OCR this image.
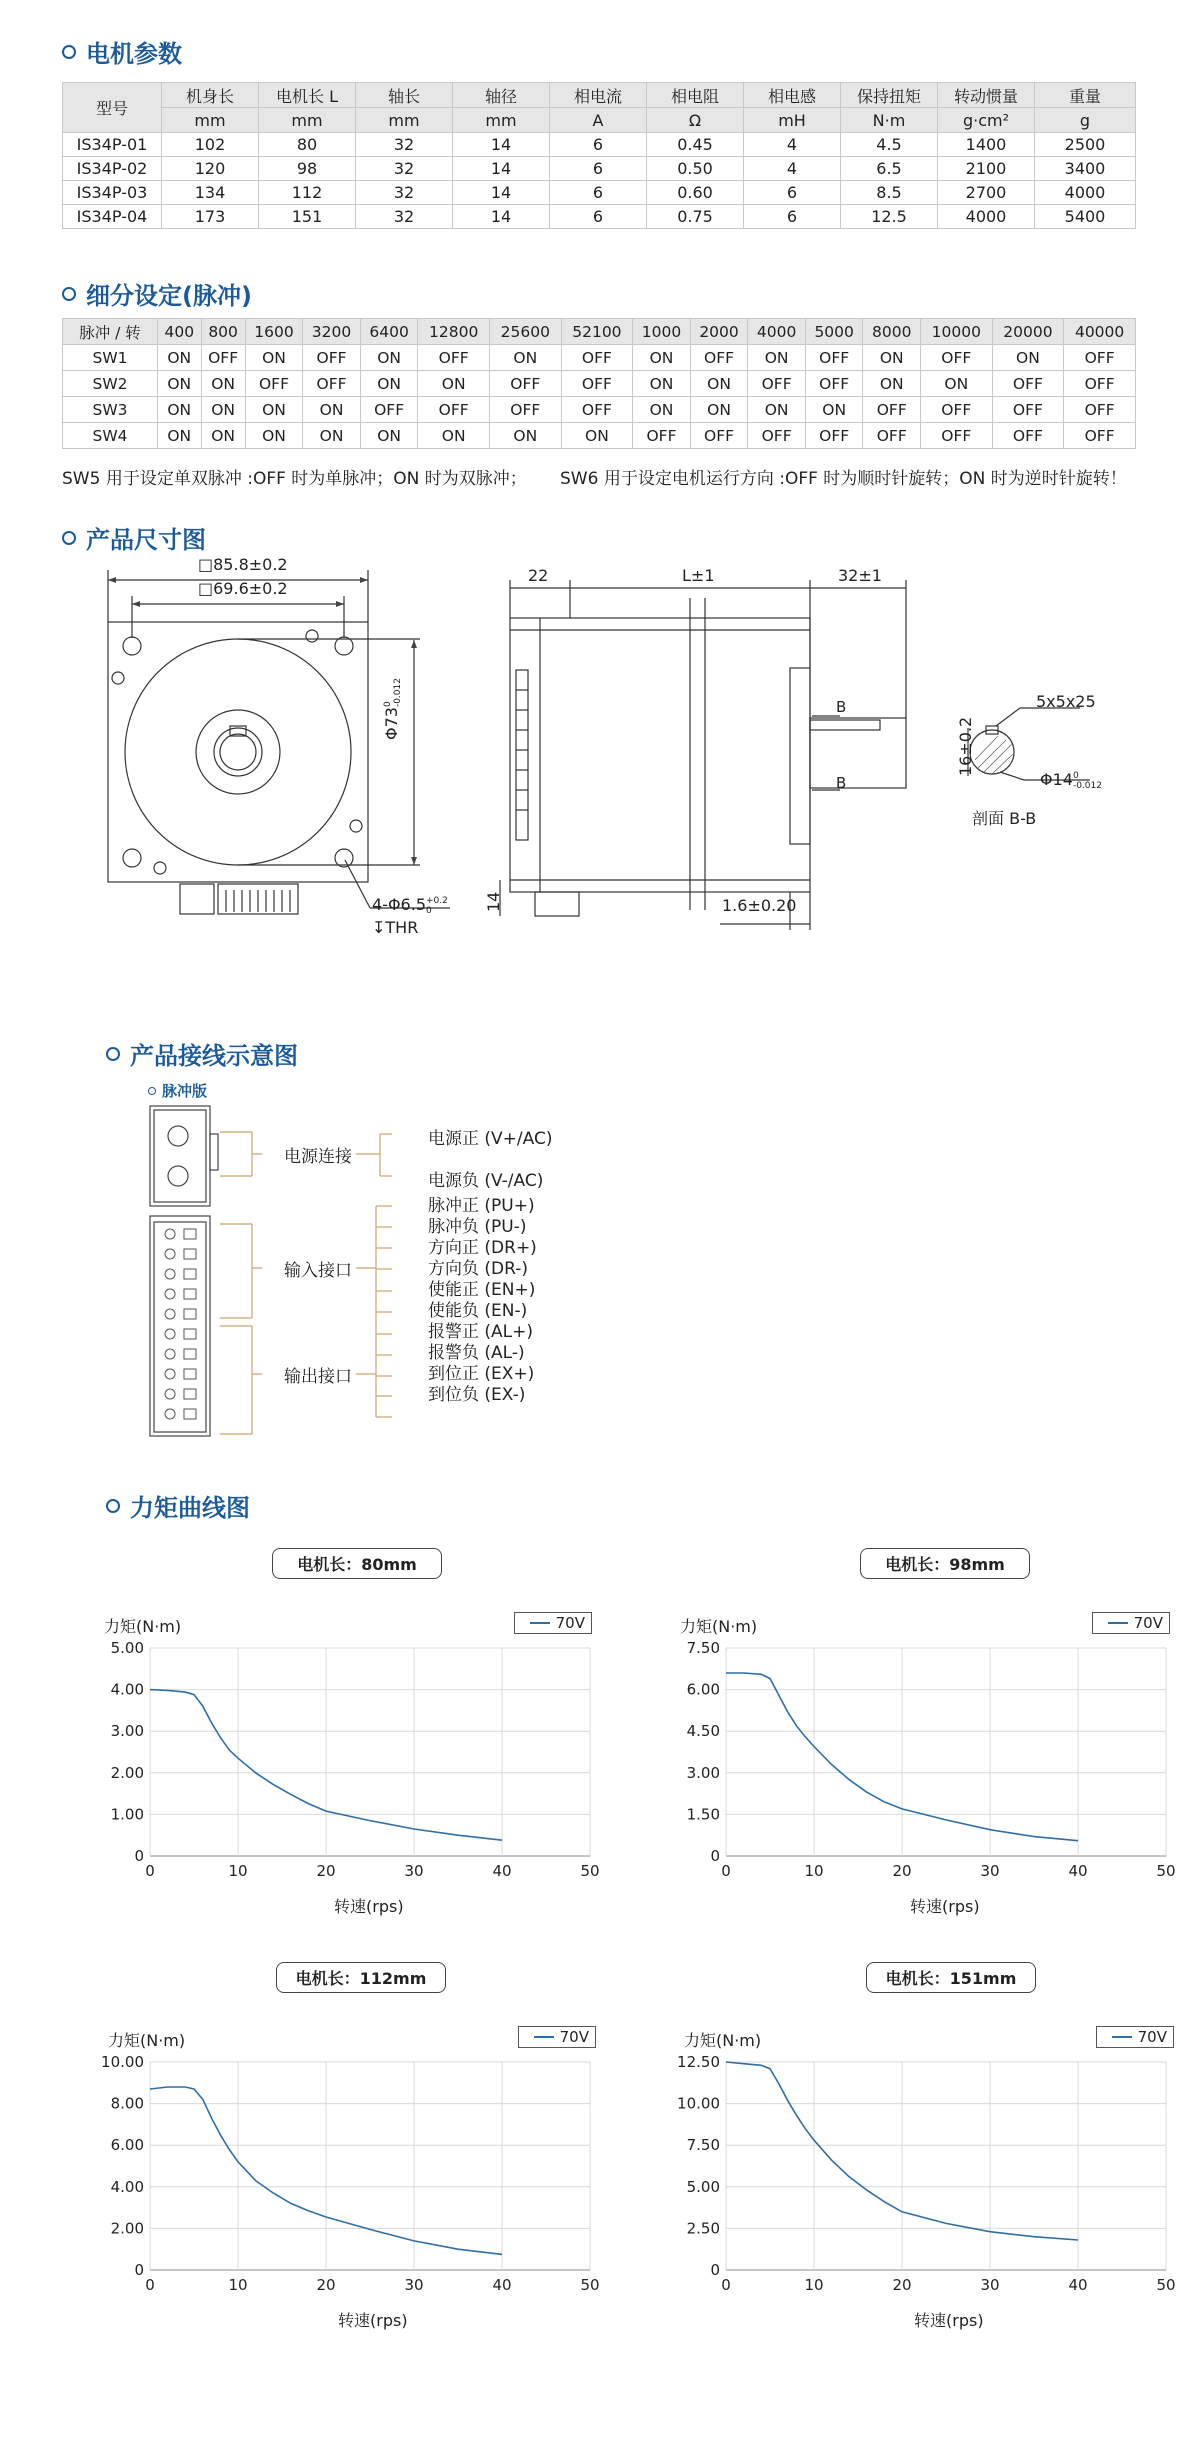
电机参数
型号	机身长	电机长 L	轴长	轴径	相电流	相电阻	相电感	保持扭矩	转动惯量	重量
	mm	mm	mm	mm	A	Ω	mH	N·m	g·cm²	g
IS34P-01	102	80	32	14	6	0.45	4	4.5	1400	2500
IS34P-02	120	98	32	14	6	0.50	4	6.5	2100	3400
IS34P-03	134	112	32	14	6	0.60	6	8.5	2700	4000
IS34P-04	173	151	32	14	6	0.75	6	12.5	4000	5400
细分设定(脉冲)
脉冲 / 转	400	800	1600	3200	6400	12800	25600	52100	1000	2000	4000	5000	8000	10000	20000	40000
SW1	ON	OFF	ON	OFF	ON	OFF	ON	OFF	ON	OFF	ON	OFF	ON	OFF	ON	OFF
SW2	ON	ON	OFF	OFF	ON	ON	OFF	OFF	ON	ON	OFF	OFF	ON	ON	OFF	OFF
SW3	ON	ON	ON	ON	OFF	OFF	OFF	OFF	ON	ON	ON	ON	OFF	OFF	OFF	OFF
SW4	ON	ON	ON	ON	ON	ON	ON	ON	OFF	OFF	OFF	OFF	OFF	OFF	OFF	OFF
SW5 用于设定单双脉冲 :OFF 时为单脉冲；ON 时为双脉冲； SW6 用于设定电机运行方向 :OFF 时为顺时针旋转；ON 时为逆时针旋转！
产品尺寸图
□85.8±0.2
□69.6±0.2
Φ73
0 -0.012
4-Φ6.5 +0.2
0
↧THR
22	L±1	32±1
14	1.6±0.20
B
B
5x5x25
16±0.2
Φ14 0
-0.012
剖面 B-B
产品接线示意图
脉冲版
电源连接
输入接口
输出接口
电源正 (V+/AC)
电源负 (V-/AC)
脉冲正 (PU+)
脉冲负 (PU-)
方向正 (DR+)
方向负 (DR-)
使能正 (EN+)
使能负 (EN-)
报警正 (AL+)
报警负 (AL-)
到位正 (EX+)
到位负 (EX-)
力矩曲线图
电机长：80mm
力矩(N·m)	70V
0
1.00
2.00
3.00
4.00
5.00
0	10	20	30	40	50
转速(rps)
电机长：98mm
力矩(N·m)	70V
0
1.50
3.00
4.50
6.00
7.50
0	10	20	30	40	50
转速(rps)
电机长：112mm
力矩(N·m)	70V
0
2.00
4.00
6.00
8.00
10.00
0	10	20	30	40	50
转速(rps)
电机长：151mm
力矩(N·m)	70V
0
2.50
5.00
7.50
10.00
12.50
0	10	20	30	40	50
转速(rps)
